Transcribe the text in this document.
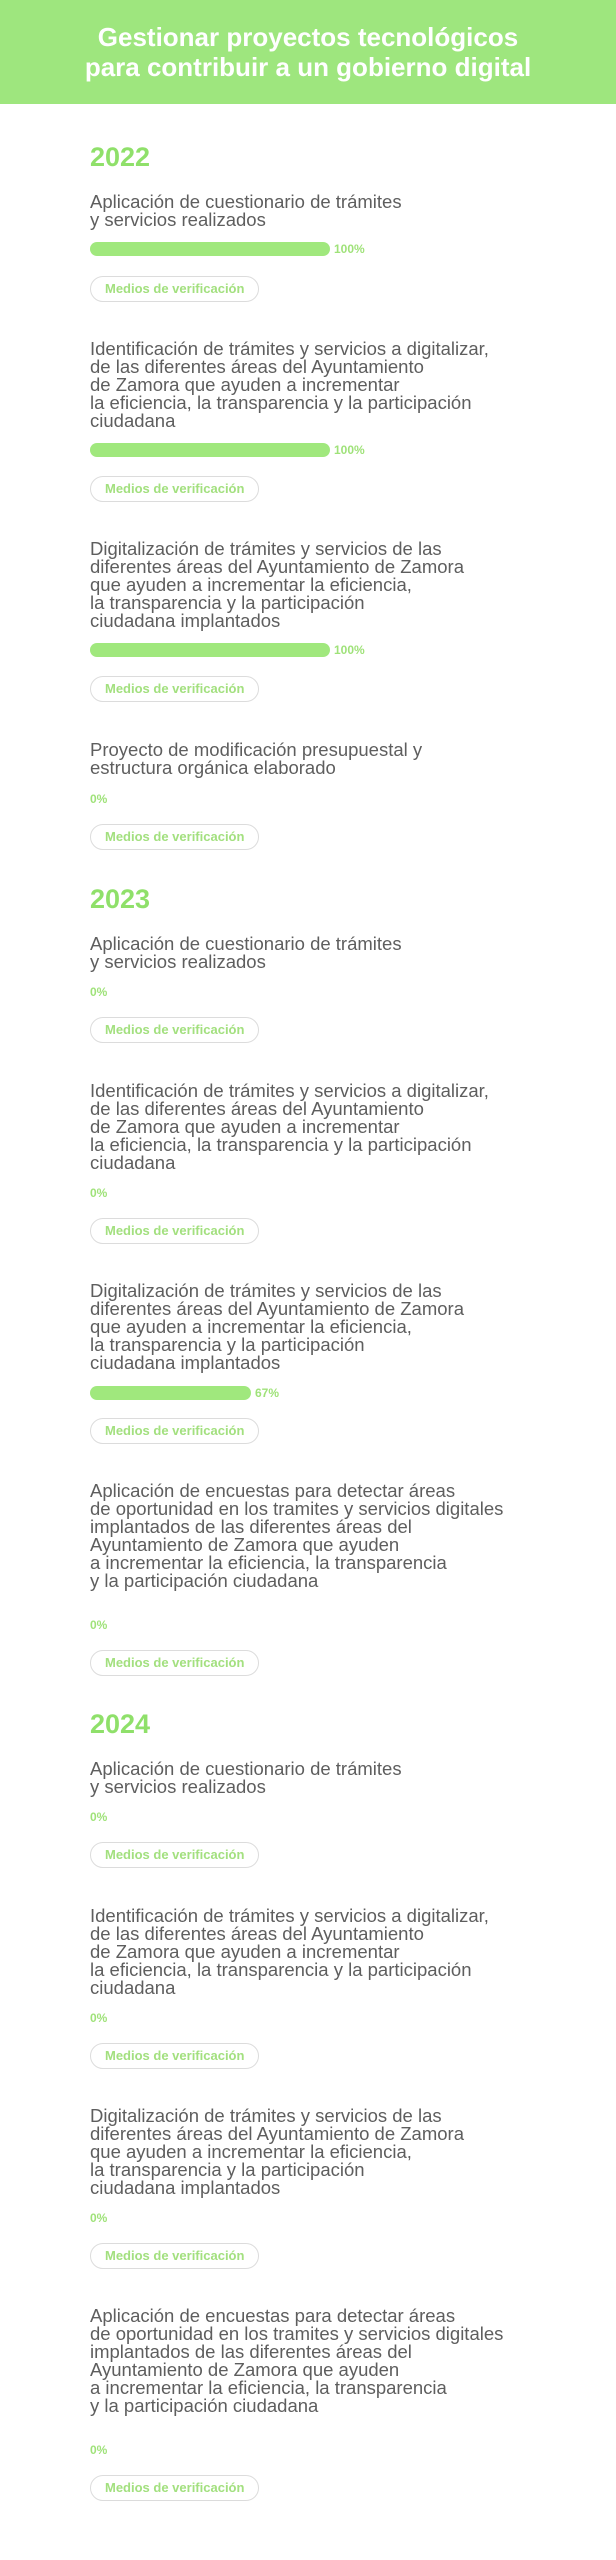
Gestionar proyectos tecnológicos
para contribuir a un gobierno digital
2022
Aplicación de cuestionario de trámites
y servicios realizados
100%
Medios de verificación
Identificación de trámites y servicios a digitalizar,
de las diferentes áreas del Ayuntamiento
de Zamora que ayuden a incrementar
la eficiencia, la transparencia y la participación
ciudadana
100%
Medios de verificación
Digitalización de trámites y servicios de las
diferentes áreas del Ayuntamiento de Zamora
que ayuden a incrementar la eficiencia,
la transparencia y la participación
ciudadana implantados
100%
Medios de verificación
Proyecto de modificación presupuestal y
estructura orgánica elaborado
0%
Medios de verificación
2023
Aplicación de cuestionario de trámites
y servicios realizados
0%
Medios de verificación
Identificación de trámites y servicios a digitalizar,
de las diferentes áreas del Ayuntamiento
de Zamora que ayuden a incrementar
la eficiencia, la transparencia y la participación
ciudadana
0%
Medios de verificación
Digitalización de trámites y servicios de las
diferentes áreas del Ayuntamiento de Zamora
que ayuden a incrementar la eficiencia,
la transparencia y la participación
ciudadana implantados
67%
Medios de verificación
Aplicación de encuestas para detectar áreas
de oportunidad en los tramites y servicios digitales
implantados de las diferentes áreas del
Ayuntamiento de Zamora que ayuden
a incrementar la eficiencia, la transparencia
y la participación ciudadana
0%
Medios de verificación
2024
Aplicación de cuestionario de trámites
y servicios realizados
0%
Medios de verificación
Identificación de trámites y servicios a digitalizar,
de las diferentes áreas del Ayuntamiento
de Zamora que ayuden a incrementar
la eficiencia, la transparencia y la participación
ciudadana
0%
Medios de verificación
Digitalización de trámites y servicios de las
diferentes áreas del Ayuntamiento de Zamora
que ayuden a incrementar la eficiencia,
la transparencia y la participación
ciudadana implantados
0%
Medios de verificación
Aplicación de encuestas para detectar áreas
de oportunidad en los tramites y servicios digitales
implantados de las diferentes áreas del
Ayuntamiento de Zamora que ayuden
a incrementar la eficiencia, la transparencia
y la participación ciudadana
0%
Medios de verificación
